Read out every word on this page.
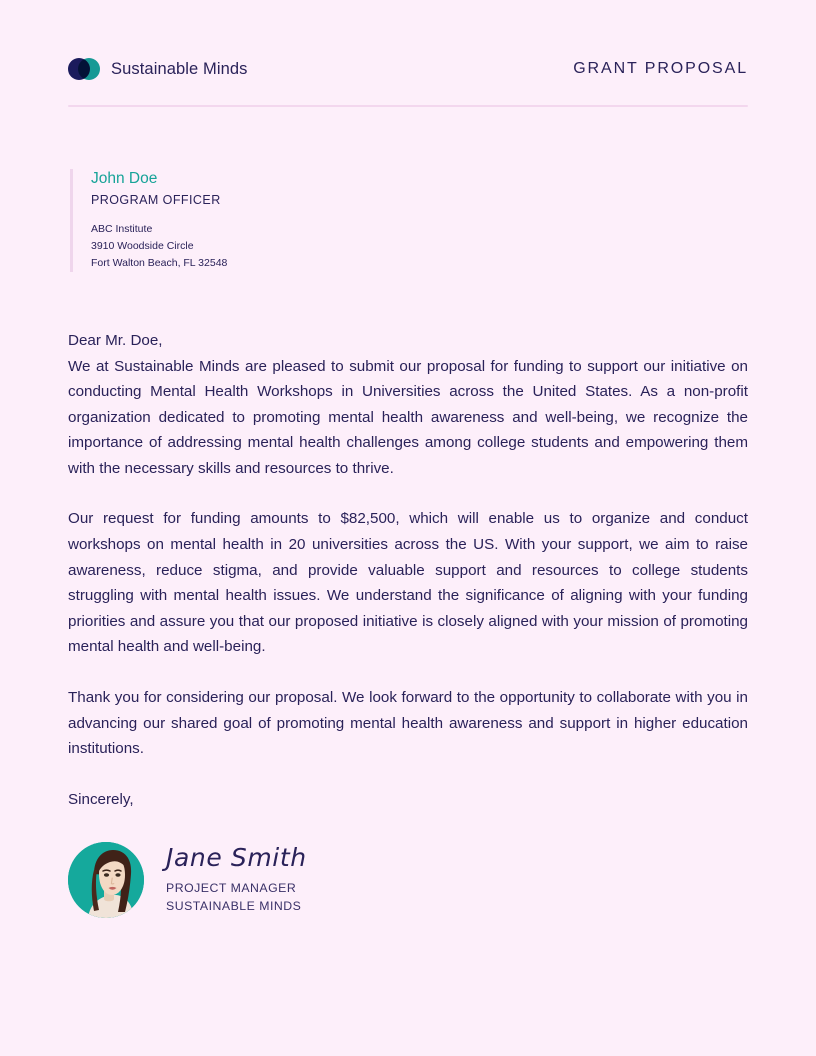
Sustainable Minds	GRANT PROPOSAL
John Doe
PROGRAM OFFICER
ABC Institute
3910 Woodside Circle
Fort Walton Beach, FL 32548

Dear Mr. Doe,

We at Sustainable Minds are pleased to submit our proposal for funding to support our initiative on conducting Mental Health Workshops in Universities across the United States. As a non-profit organization dedicated to promoting mental health awareness and well-being, we recognize the importance of addressing mental health challenges among college students and empowering them with the necessary skills and resources to thrive.

Our request for funding amounts to $82,500, which will enable us to organize and conduct workshops on mental health in 20 universities across the US. With your support, we aim to raise awareness, reduce stigma, and provide valuable support and resources to college students struggling with mental health issues. We understand the significance of aligning with your funding priorities and assure you that our proposed initiative is closely aligned with your mission of promoting mental health and well-being.

Thank you for considering our proposal. We look forward to the opportunity to collaborate with you in advancing our shared goal of promoting mental health awareness and support in higher education institutions.

Sincerely,

Jane Smith
PROJECT MANAGER
SUSTAINABLE MINDS
